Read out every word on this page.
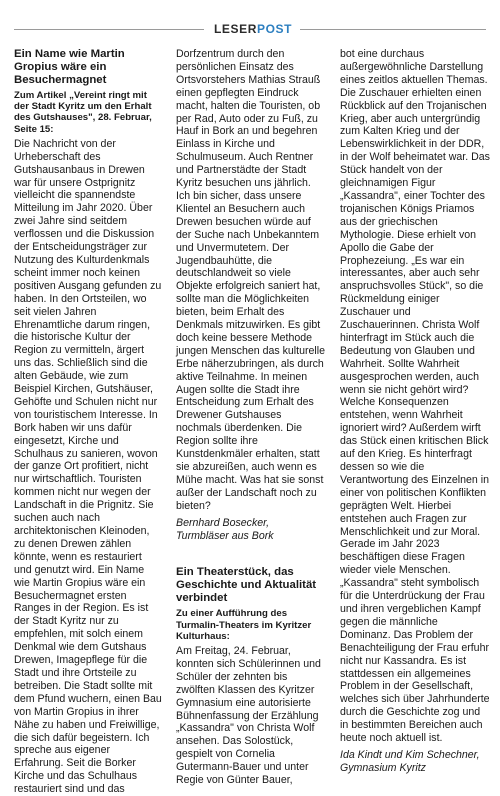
LESERPOST
Ein Name wie Martin Gropius wäre ein Besuchermagnet
Zum Artikel „Vereint ringt mit der Stadt Kyritz um den Erhalt des Gutshauses", 28. Februar, Seite 15:

Die Nachricht von der Urheberschaft des Gutshausanbaus in Drewen war für unsere Ostprignitz vielleicht die spannendste Mitteilung im Jahr 2020. Über zwei Jahre sind seitdem verflossen und die Diskussion der Entscheidungsträger zur Nutzung des Kulturdenkmals scheint immer noch keinen positiven Ausgang gefunden zu haben. In den Ortsteilen, wo seit vielen Jahren Ehrenamtliche darum ringen, die historische Kultur der Region zu vermitteln, ärgert uns das. Schließlich sind die alten Gebäude, wie zum Beispiel Kirchen, Gutshäuser, Gehöfte und Schulen nicht nur von touristischem Interesse. In Bork haben wir uns dafür eingesetzt, Kirche und Schulhaus zu sanieren, wovon der ganze Ort profitiert, nicht nur wirtschaftlich. Touristen kommen nicht nur wegen der Landschaft in die Prignitz. Sie suchen auch nach architektonischen Kleinoden, zu denen Drewen zählen könnte, wenn es restauriert und genutzt wird. Ein Name wie Martin Gropius wäre ein Besuchermagnet ersten Ranges in der Region. Es ist der Stadt Kyritz nur zu empfehlen, mit solch einem Denkmal wie dem Gutshaus Drewen, Imagepflege für die Stadt und ihre Ortsteile zu betreiben. Die Stadt sollte mit dem Pfund wuchern, einen Bau von Martin Gropius in ihrer Nähe zu haben und Freiwillige, die sich dafür begeistern. Ich spreche aus eigener Erfahrung. Seit die Borker Kirche und das Schulhaus restauriert sind und das

Dorfzentrum durch den persönlichen Einsatz des Ortsvorstehers Mathias Strauß einen gepflegten Eindruck macht, halten die Touristen, ob per Rad, Auto oder zu Fuß, zu Hauf in Bork an und begehren Einlass in Kirche und Schulmuseum. Auch Rentner und Partnerstädte der Stadt Kyritz besuchen uns jährlich. Ich bin sicher, dass unsere Klientel an Besuchern auch Drewen besuchen würde auf der Suche nach Unbekanntem und Unvermutetem. Der Jugendbauhütte, die deutschlandweit so viele Objekte erfolgreich saniert hat, sollte man die Möglichkeiten bieten, beim Erhalt des Denkmals mitzuwirken. Es gibt doch keine bessere Methode jungen Menschen das kulturelle Erbe näherzubringen, als durch aktive Teilnahme. In meinen Augen sollte die Stadt ihre Entscheidung zum Erhalt des Drewener Gutshauses nochmals überdenken. Die Region sollte ihre Kunstdenkmäler erhalten, statt sie abzureißen, auch wenn es Mühe macht. Was hat sie sonst außer der Landschaft noch zu bieten?

Bernhard Bosecker,

Turmbläser aus Bork

Ein Theaterstück, das Geschichte und Aktualität verbindet
Zu einer Aufführung des Turmalin-Theaters im Kyritzer Kulturhaus:

Am Freitag, 24. Februar, konnten sich Schülerinnen und Schüler der zehnten bis zwölften Klassen des Kyritzer Gymnasium eine autorisierte Bühnenfassung der Erzählung „Kassandra" von Christa Wolf ansehen. Das Solostück, gespielt von Cornelia Gutermann-Bauer und unter Regie von Günter Bauer,

bot eine durchaus außergewöhnliche Darstellung eines zeitlos aktuellen Themas. Die Zuschauer erhielten einen Rückblick auf den Trojanischen Krieg, aber auch untergründig zum Kalten Krieg und der Lebenswirklichkeit in der DDR, in der Wolf beheimatet war. Das Stück handelt von der gleichnamigen Figur „Kassandra", einer Tochter des trojanischen Königs Priamos aus der griechischen Mythologie. Diese erhielt von Apollo die Gabe der Prophezeiung. „Es war ein interessantes, aber auch sehr anspruchsvolles Stück", so die Rückmeldung einiger Zuschauer und Zuschauerinnen. Christa Wolf hinterfragt im Stück auch die Bedeutung von Glauben und Wahrheit. Sollte Wahrheit ausgesprochen werden, auch wenn sie nicht gehört wird? Welche Konsequenzen entstehen, wenn Wahrheit ignoriert wird? Außerdem wirft das Stück einen kritischen Blick auf den Krieg. Es hinterfragt dessen so wie die Verantwortung des Einzelnen in einer von politischen Konflikten geprägten Welt. Hierbei entstehen auch Fragen zur Menschlichkeit und zur Moral. Gerade im Jahr 2023 beschäftigen diese Fragen wieder viele Menschen.

„Kassandra" steht symbolisch für die Unterdrückung der Frau und ihren vergeblichen Kampf gegen die männliche Dominanz. Das Problem der Benachteiligung der Frau erfuhr nicht nur Kassandra. Es ist stattdessen ein allgemeines Problem in der Gesellschaft, welches sich über Jahrhunderte durch die Geschichte zog und in bestimmten Bereichen auch heute noch aktuell ist.

Ida Kindt und Kim Schechner,

Gymnasium Kyritz
